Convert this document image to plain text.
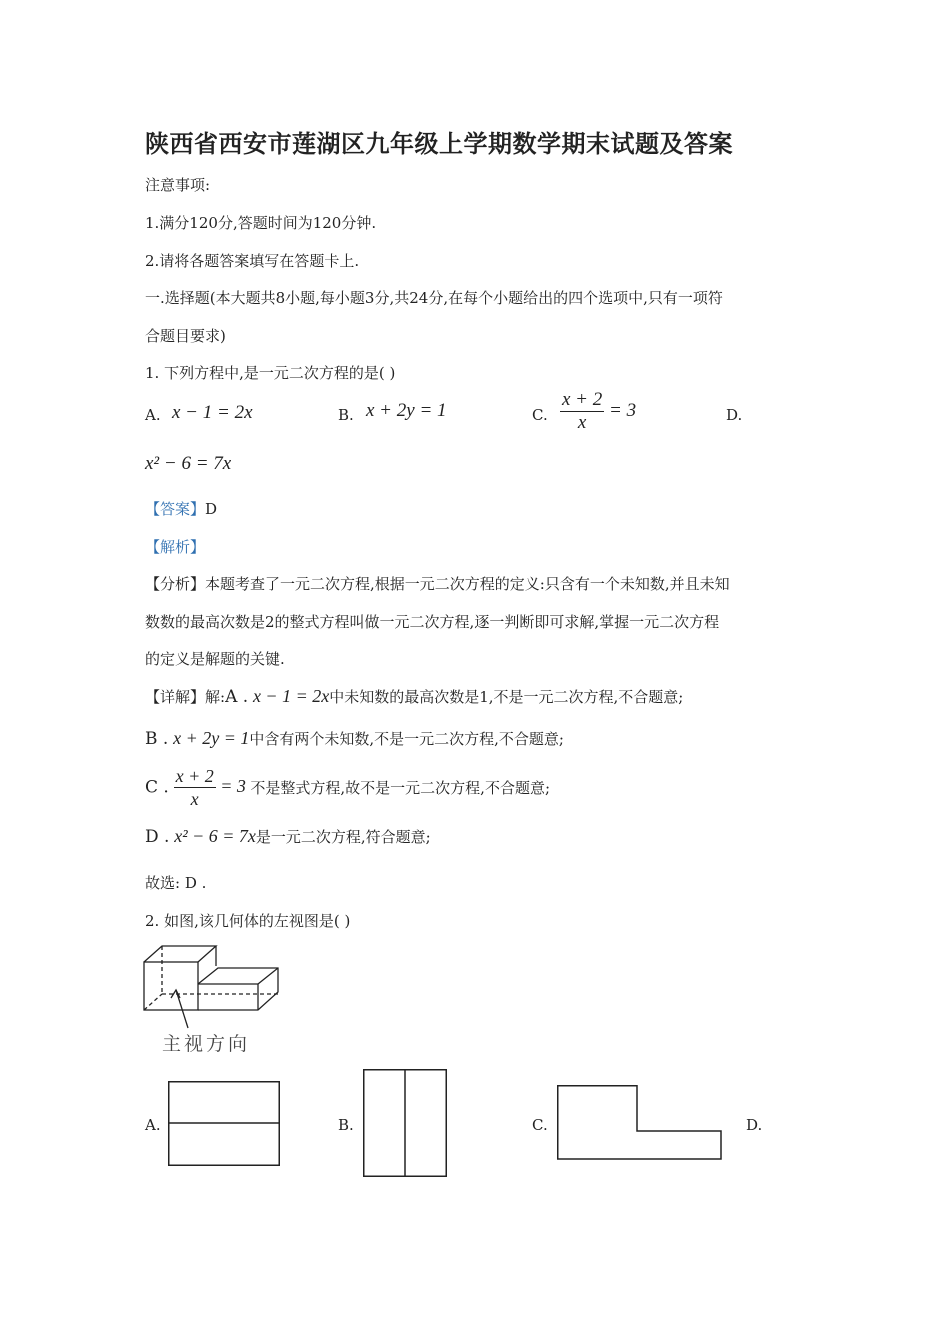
陕西省西安市莲湖区九年级上学期数学期末试题及答案
注意事项:
1.满分120分,答题时间为120分钟.
2.请将各题答案填写在答题卡上.
一.选择题(本大题共8小题,每小题3分,共24分,在每个小题给出的四个选项中,只有一项符
合题目要求)
1. 下列方程中,是一元二次方程的是( )
A. x − 1 = 2x	B. x + 2y = 1	C. $\frac{x + 2}{x} = 3$	D.
x² − 6 = 7x
【答案】D
【解析】
【分析】本题考查了一元二次方程,根据一元二次方程的定义:只含有一个未知数,并且未知
数数的最高次数是2的整式方程叫做一元二次方程,逐一判断即可求解,掌握一元二次方程
的定义是解题的关键.
【详解】解:A . x − 1 = 2x中未知数的最高次数是1,不是一元二次方程,不合题意;
B . x + 2y = 1中含有两个未知数,不是一元二次方程,不合题意;
C . $\frac{x + 2}{x} = 3$ 不是整式方程,故不是一元二次方程,不合题意;
D . x² − 6 = 7x是一元二次方程,符合题意;
故选: D .
2. 如图,该几何体的左视图是( )
主视方向
A.	B.	C.	D.
